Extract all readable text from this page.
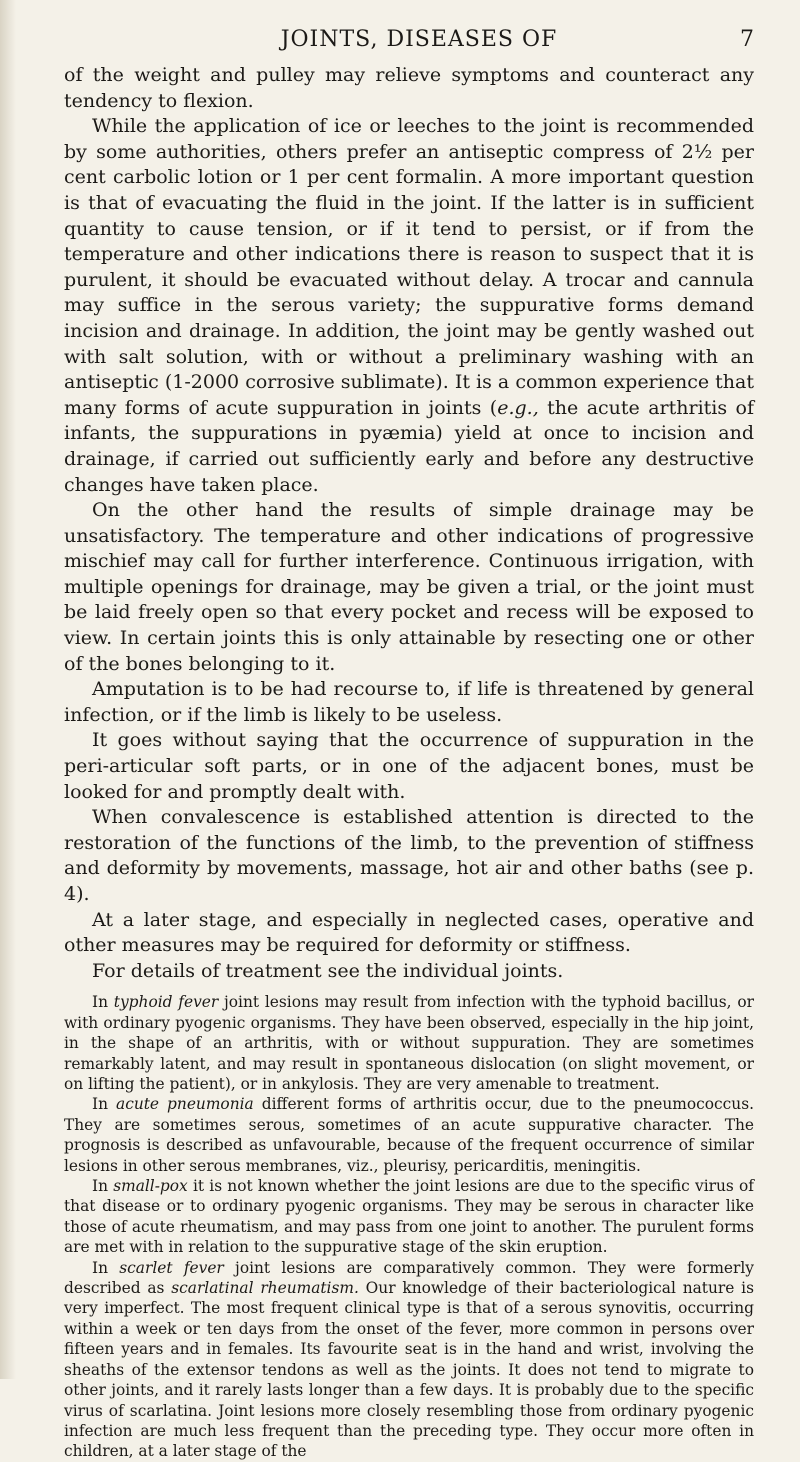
JOINTS, DISEASES OF	7

of the weight and pulley may relieve symptoms and counteract any tendency to flexion.

While the application of ice or leeches to the joint is recommended by some authorities, others prefer an antiseptic compress of 2½ per cent carbolic lotion or 1 per cent formalin. A more important question is that of evacuating the fluid in the joint. If the latter is in sufficient quantity to cause tension, or if it tend to persist, or if from the temperature and other indications there is reason to suspect that it is purulent, it should be evacuated without delay. A trocar and cannula may suffice in the serous variety; the suppurative forms demand incision and drainage. In addition, the joint may be gently washed out with salt solution, with or without a preliminary washing with an antiseptic (1-2000 corrosive sublimate). It is a common experience that many forms of acute suppuration in joints (e.g., the acute arthritis of infants, the suppurations in pyæmia) yield at once to incision and drainage, if carried out sufficiently early and before any destructive changes have taken place.

On the other hand the results of simple drainage may be unsatisfactory. The temperature and other indications of progressive mischief may call for further interference. Continuous irrigation, with multiple openings for drainage, may be given a trial, or the joint must be laid freely open so that every pocket and recess will be exposed to view. In certain joints this is only attainable by resecting one or other of the bones belonging to it.

Amputation is to be had recourse to, if life is threatened by general infection, or if the limb is likely to be useless.

It goes without saying that the occurrence of suppuration in the peri-articular soft parts, or in one of the adjacent bones, must be looked for and promptly dealt with.

When convalescence is established attention is directed to the restoration of the functions of the limb, to the prevention of stiffness and deformity by movements, massage, hot air and other baths (see p. 4).

At a later stage, and especially in neglected cases, operative and other measures may be required for deformity or stiffness.

For details of treatment see the individual joints.

In typhoid fever joint lesions may result from infection with the typhoid bacillus, or with ordinary pyogenic organisms. They have been observed, especially in the hip joint, in the shape of an arthritis, with or without suppuration. They are sometimes remarkably latent, and may result in spontaneous dislocation (on slight movement, or on lifting the patient), or in ankylosis. They are very amenable to treatment.

In acute pneumonia different forms of arthritis occur, due to the pneumococcus. They are sometimes serous, sometimes of an acute suppurative character. The prognosis is described as unfavourable, because of the frequent occurrence of similar lesions in other serous membranes, viz., pleurisy, pericarditis, meningitis.

In small-pox it is not known whether the joint lesions are due to the specific virus of that disease or to ordinary pyogenic organisms. They may be serous in character like those of acute rheumatism, and may pass from one joint to another. The purulent forms are met with in relation to the suppurative stage of the skin eruption.

In scarlet fever joint lesions are comparatively common. They were formerly described as scarlatinal rheumatism. Our knowledge of their bacteriological nature is very imperfect. The most frequent clinical type is that of a serous synovitis, occurring within a week or ten days from the onset of the fever, more common in persons over fifteen years and in females. Its favourite seat is in the hand and wrist, involving the sheaths of the extensor tendons as well as the joints. It does not tend to migrate to other joints, and it rarely lasts longer than a few days. It is probably due to the specific virus of scarlatina. Joint lesions more closely resembling those from ordinary pyogenic infection are much less frequent than the preceding type. They occur more often in children, at a later stage of the
